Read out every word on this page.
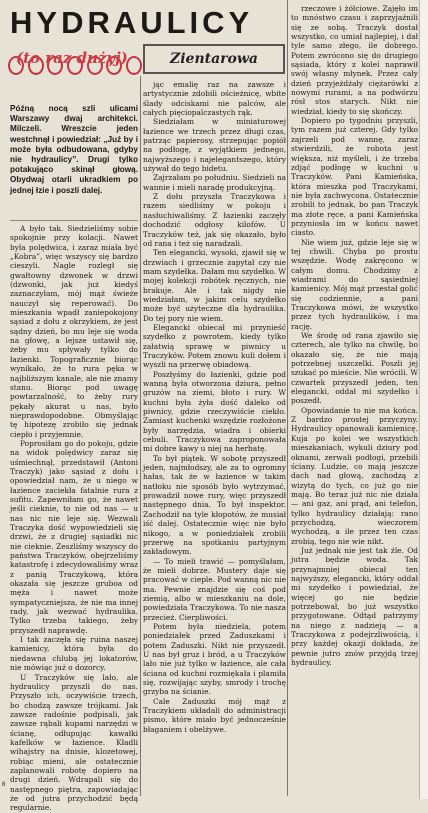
HYDRAULICY
(to raz dużyj)	Zientarowa
Późną nocą szli ulicami Warszawy dwaj architekci. Milczeli. Wreszcie jeden westchnął i powiedział: „Już by i może była odbudowana, gdyby nie hydraulicy”. Drugi tylko potakująco skinął głową. Obydwaj otarli ukradkiem po jednej łzie i poszli dalej.

A było tak. Siedzieliśmy sobie spokojnie przy kolacji. Nawet była polędwica, i zaraz miała być „Kobra”, więc wszyscy się bardzo cieszyli. Nagle rozległ się gwałtowny dzwonek w drzwi (dzwonki, jak już kiedyś zaznaczyłam, mój mąż świeże nauczył się reperować). Do mieszkania wpadł zaniepokojony sąsiad z dołu z okrzykiem, że jest sądny dzień, bo mu leje się woda na głowę, a lejsze ustawił się, żeby mu spływały tylko do łazienki. Topograficznie biorąc wynikało, że to rura pęka w najbliższym kanale, ale nie znamy stanu. Biorąc pod uwagę powtarzalność, to żeby rury pękały akurat u nas, było nieprawdopodobne. Obmyślając tę hipotezę zrobiło się jednak ciepło i przyjemnie.

Poprosiłam go do pokoju, gdzie na widok polędwicy zaraz się uśmiechnął, przedstawił (Antoni Traczyk) jako sąsiad z dołu i opowiedział nam, że u niego w łazience zaciekła fatalnie rura z sufitu. Zapewniłam go, że nawet jeśli cieknie, to nie od nas — u nas nic nie leje się. Wezwali Traczyka dość wypowiedzieli się drzwi, że z drugiej sąsiadki nic nie cieknie. Zeszliśmy wszyscy do państwa Traczyków, obejrzeliśmy katastrofę i zdecydowaliśmy wraz z panią Traczykową, która okazała się jeszcze gruboa od męża i nawet może sympatyczniejsza, że nie ma innej rady, jak wezwać hydraulika. Tylko trzeba takiego, żeby przyszedł naprawdę.

I tak zaczęła się ruina naszej kamienicy, która była do niedawna chlubą jej lokatorów, nie mówiąc już o dozorcy.

U Traczyków się lało, ale hydraulicy przyszli do nas. Przyszło ich, oczywiście trzech, bo chodzą zawsze trójkami. Jak zawsze radośnie podpisali, jak zawsze rąbali kupami narzędzi w ścianę, odłupując kawałki kafelków w łazience. Kładli wihajstry na dnisie, klozetowej, robiąc mieni, ale ostatecznie zaplanowali robotę dopiero na drugi dzień. Wdrapali się do następnego piętra, zapowiadając że od jutra przychodzić będą regularnie.

jąc emalię raz na zawsze i artystycznie zdobili ościeżnicę, wbite ślady odciskami nie palców, ale całych pięciopalczastych rąk.

Siedziałam w miniaturowej łazience we trzech przez długi czas, patrząc papierosy, strzepując popiół na podłogę, z wyjątkiem jednego, najwyższego i najelegantszego, który używał do tego bidetu.

Zajrzałam po południu. Siedzieli na wannie i mieli naradę produkcyjną.

Z dołu przyszła Traczykowa i razem siedliśmy w pokoju i nasłuchiwaliśmy. Z łazienki zaczęły dochodzić odgłosy kilofów. U Traczyków też, jak się okazało, było od rana i też się naradzali.

Ten elegancki, wysoki, zjawił się w drzwiach i grzecznie zapytał czy nie mam szydełka. Dałam mu szydełko. W mojej kolekcji robótek ręcznych, nie brakuje. Ale i tak nigdy nie wiedziałam, w jakim celu szydełko może być użyteczne dla hydraulika. Do tej pory nie wiem.

Elegancki obiecał mi przynieść szydełko z powrotem, kiedy tylko załatwią sprawę w piwnicy u Traczyków. Potem znowu kuli dołem i wyszli na przerwę obiadową.

Poszłyśmy do łazienki, gdzie pod wanną była otworzona dziura, pełno gruzów na ziemi, błoto i rury. W kuchni była żyła dość daleko od piwnicy, gdzie rzeczywiście ciekło. Zamiast kuchenki wszędzie rozłożone były narzędzia, wiadra i obierki cebuli. Traczykowa zaproponowała mi dobre kawy u niej na herbatę.

To był piątek. W sobotę przyszedł jeden, najmłodszy, ale za to ogromny hałas, tak że w łazience w takim natłoku nie sposób było wytrzymać, prowadził nowe rury, więc przyszedł następnego dnia. To był inspektor. Zachodził na tyle kłopotów, że musiał iść dalej. Ostatecznie więc nie było nikogo, a w poniedziałek zrobili przerwę na spotkaniu partyjnym zakładowym.

— To mieli trawić — pomyślałam, że mieli dobrze. Mustery daje się pracować w cieple. Pod wanną nic nie ma. Pewnie znajdzie się coś pod ziemią, albo w mieszkaniu na dole, powiedziała Traczykowa. To nie nasza przecież. Cierpliwości.

Potem była niedziela, potem poniedziałek przed Zaduszkami i potem Zaduszki. Nikt nie przyszedł. U nas był gruz i bród, a u Traczyków lało nie już tylko w łazience, ale cała ściana od kuchni rozmiękała i plamiła się, rozwijając szyby, smrody i trochę grzyba na ścianie.

Cale Zaduszki mój mąż z Traczykiem układali do administracji pismo, które miało być jednocześnie błaganiem i obelżywe.

rzeczowe i żółciowe. Zajęło im to mnóstwo czasu i zaprzyjaźnili się ze sobą. Traczyk dostał wszystko, co umiał najlepiej, i dał tyle samo złego, ile dobrego. Potem zwrócono się do drugiego sąsiada, który z kolei naprawił swój własny młynek. Przez cały dzień przyjeżdżały ciężarówki z nowymi rurami, a na podwórzu rósł stos starych. Nikt nie wiedział, kiedy to się skończy.

Dopiero po tygodniu przyszli, tym razem już czterej. Gdy tylko zajrzeli pod wannę, zaraz stwierdzili, że robota jest większa, niż myśleli, i że trzeba zdjąć podłogę w kuchni u Traczyków. Pani Kamieńska, która mieszka pod Traczykami, nie była zachwycona. Ostatecznie zrobili to jednak, bo pan Traczyk ma złote ręce, a pani Kamieńska przyniosła im w końcu nawet ciasto.

Nie wiem już, gdzie leje się w tej chwili. Chyba po prostu wszędzie. Wodę zakręcono w całym domu. Chodzimy z wiadrami do sąsiedniej kamienicy. Mój mąż przestał golić się codziennie, a pani Traczykowa mówi, że wszystko przez tych hydraulików, i ma rację.

We środę od rana zjawiło się czterech, ale tylko na chwilę, bo okazało się, że nie mają potrzebnej uszczelki. Poszli jej szukać po mieście. Nie wrócili. W czwartek przyszedł jeden, ten elegancki, oddał mi szydełko i poszedł.

Opowiadanie to nie ma końca. Z bardzo prostej przyczyny. Hydraulicy opanowali kamienicę. Kuja po kolei we wszystkich mieszkaniach, wykuli dziury pod oknami, zerwali podłogi, przebili ściany. Ludzie, co mają jeszcze dach nad głową, zachodzą z wizytą do tych, co już go nie mają. Bo teraz już nic nie działa — ani gaz, ani prąd, ani telefon, tylko hydraulicy działają: rano przychodzą, wieczorem wychodzą, a ile przez ten czas zrobią, tego nie wie nikt.

Już jednak nie jest tak źle. Od jutra będzie woda. Tak przynajmniej obiecał ten najwyższy, elegancki, który oddał mi szydełko i powiedział, że więcej go nie będzie potrzebował, bo już wszystko przygotowane. Odtąd patrzymy na niego z nadzieją — a Traczykowa z podejrzliwością, i przy każdej okazji dokłada, że pewnie jutro znów przyjdą trzej hydraulicy.

8
